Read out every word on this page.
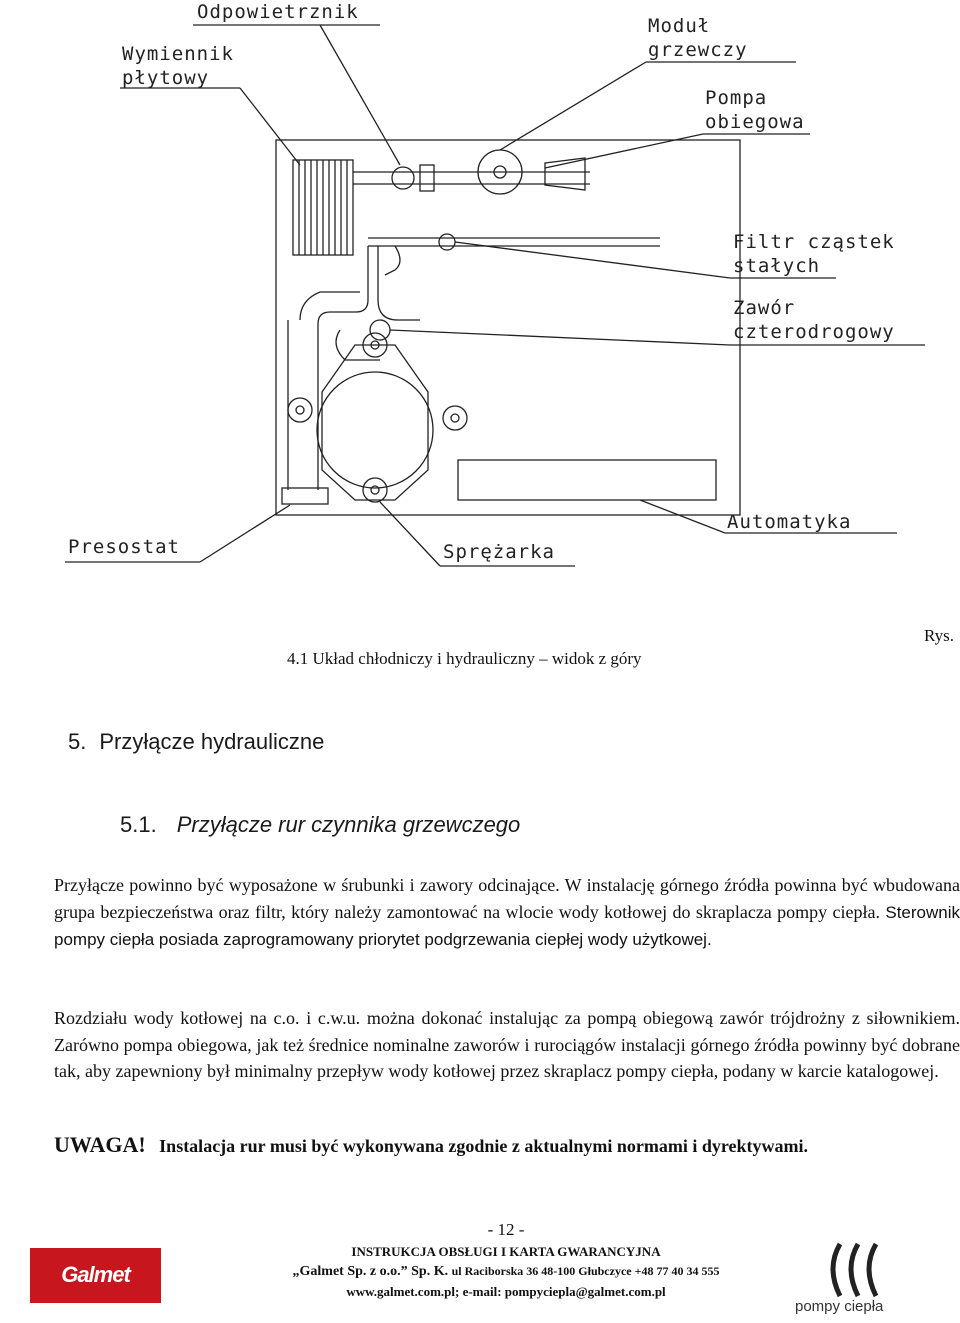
Odpowietrznik
Wymiennik
płytowy
Moduł
grzewczy
Pompa
obiegowa
Filtr cząstek
stałych
Zawór
czterodrogowy
Automatyka
Presostat	Sprężarka
Rys.
4.1 Układ chłodniczy i hydrauliczny – widok z góry
5. Przyłącze hydrauliczne
5.1. Przyłącze rur czynnika grzewczego
Przyłącze powinno być wyposażone w śrubunki i zawory odcinające. W instalację górnego źródła powinna być wbudowana grupa bezpieczeństwa oraz filtr, który należy zamontować na wlocie wody kotłowej do skraplacza pompy ciepła. Sterownik pompy ciepła posiada zaprogramowany priorytet podgrzewania ciepłej wody użytkowej.
Rozdziału wody kotłowej na c.o. i c.w.u. można dokonać instalując za pompą obiegową zawór trójdrożny z siłownikiem. Zarówno pompa obiegowa, jak też średnice nominalne zaworów i rurociągów instalacji górnego źródła powinny być dobrane tak, aby zapewniony był minimalny przepływ wody kotłowej przez skraplacz pompy ciepła, podany w karcie katalogowej.
UWAGA! Instalacja rur musi być wykonywana zgodnie z aktualnymi normami i dyrektywami.
- 12 -
INSTRUKCJA OBSŁUGI I KARTA GWARANCYJNA
„Galmet Sp. z o.o.” Sp. K. ul Raciborska 36 48-100 Głubczyce +48 77 40 34 555
www.galmet.com.pl; e-mail: pompyciepla@galmet.com.pl
Galmet
pompy ciepła
